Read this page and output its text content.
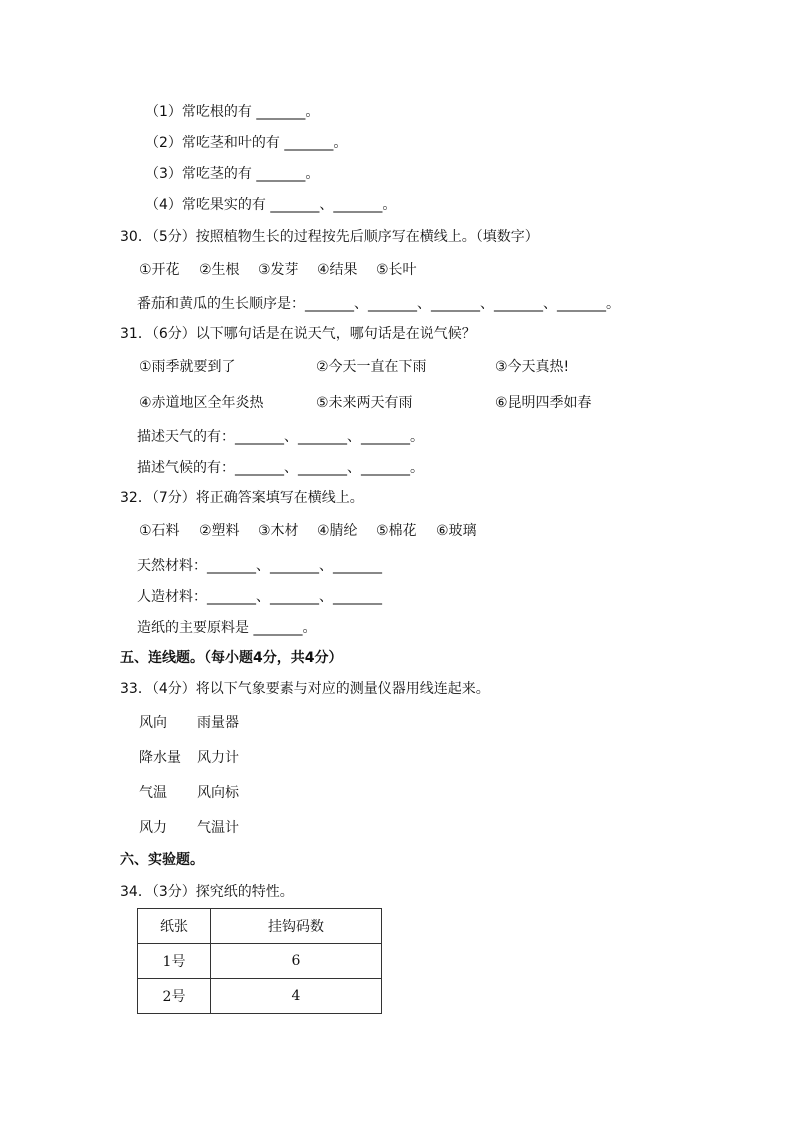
（1）常吃根的有 _______。
（2）常吃茎和叶的有 _______。
（3）常吃茎的有 _______。
（4）常吃果实的有 _______、_______。
30．（5分）按照植物生长的过程按先后顺序写在横线上。（填数字）
①开花 ②生根 ③发芽 ④结果 ⑤长叶
番茄和黄瓜的生长顺序是：_______、_______、_______、_______、_______。
31．（6分）以下哪句话是在说天气，哪句话是在说气候？
①雨季就要到了	②今天一直在下雨	③今天真热!
④赤道地区全年炎热	⑤未来两天有雨	⑥昆明四季如春
描述天气的有：_______、_______、_______。
描述气候的有：_______、_______、_______。
32．（7分）将正确答案填写在横线上。
①石料 ②塑料 ③木材 ④腈纶 ⑤棉花 ⑥玻璃
天然材料：_______、_______、_______
人造材料：_______、_______、_______
造纸的主要原料是 _______。
五、连线题。（每小题4分，共4分）
33．（4分）将以下气象要素与对应的测量仪器用线连起来。
风向 雨量器
降水量 风力计
气温 风向标
风力 气温计
六、实验题。
34．（3分）探究纸的特性。
纸张	挂钩码数
1号	6
2号	4
